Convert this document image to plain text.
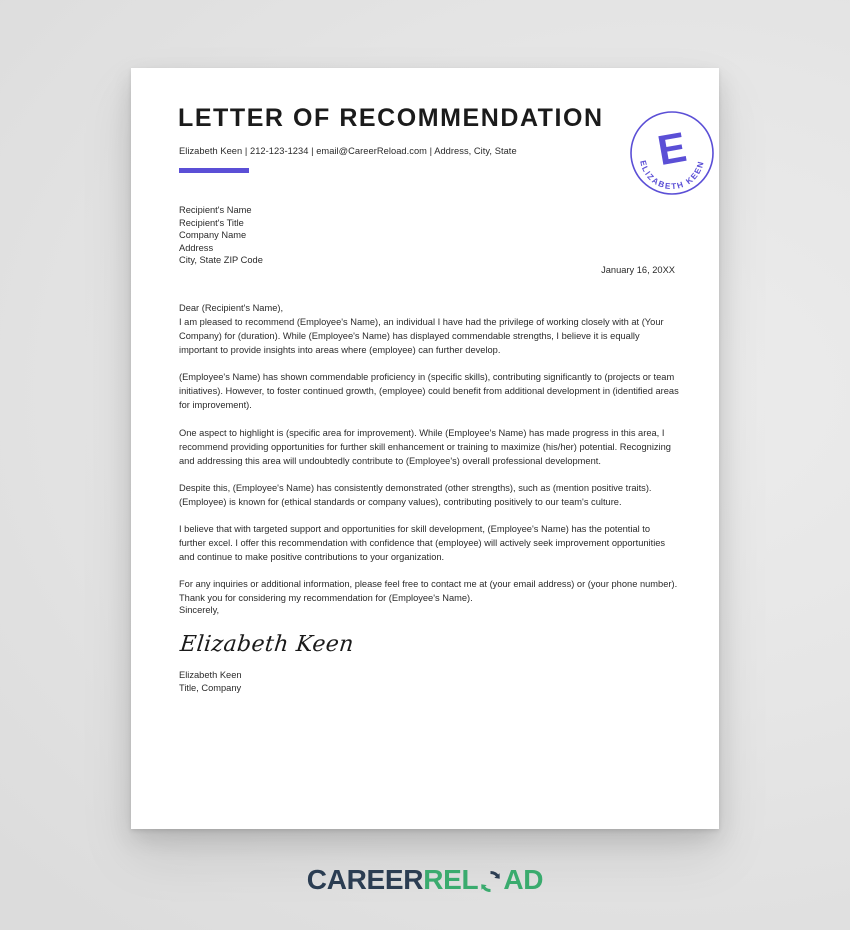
LETTER OF RECOMMENDATION
Elizabeth Keen | 212-123-1234 | email@CareerReload.com | Address, City, State	E
ELIZABETH KEEN
Recipient's Name
Recipient's Title
Company Name
Address
City, State ZIP Code
January 16, 20XX

Dear (Recipient's Name),

I am pleased to recommend (Employee's Name), an individual I have had the privilege of working closely with at (Your Company) for (duration). While (Employee's Name) has displayed commendable strengths, I believe it is equally important to provide insights into areas where (employee) can further develop.

(Employee's Name) has shown commendable proficiency in (specific skills), contributing significantly to (projects or team initiatives). However, to foster continued growth, (employee) could benefit from additional development in (identified areas for improvement).

One aspect to highlight is (specific area for improvement). While (Employee's Name) has made progress in this area, I recommend providing opportunities for further skill enhancement or training to maximize (his/her) potential. Recognizing and addressing this area will undoubtedly contribute to (Employee's) overall professional development.

Despite this, (Employee's Name) has consistently demonstrated (other strengths), such as (mention positive traits). (Employee) is known for (ethical standards or company values), contributing positively to our team's culture.

I believe that with targeted support and opportunities for skill development, (Employee's Name) has the potential to further excel. I offer this recommendation with confidence that (employee) will actively seek improvement opportunities and continue to make positive contributions to your organization.

For any inquiries or additional information, please feel free to contact me at (your email address) or (your phone number). Thank you for considering my recommendation for (Employee's Name).

Sincerely,
Elizabeth Keen
Elizabeth Keen
Title, Company
CAREER REL AD
